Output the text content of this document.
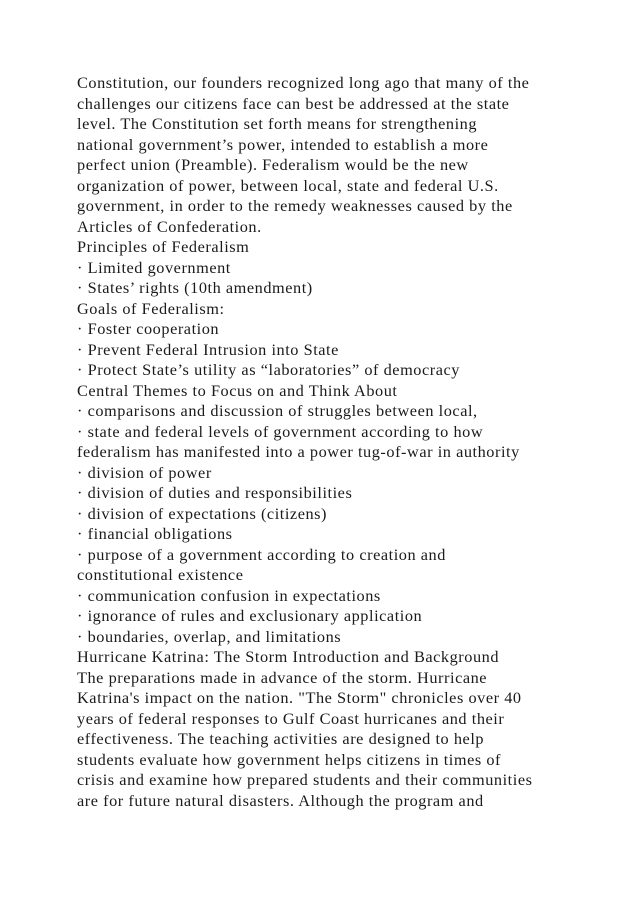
Constitution, our founders recognized long ago that many of the
challenges our citizens face can best be addressed at the state
level. The Constitution set forth means for strengthening
national government’s power, intended to establish a more
perfect union (Preamble). Federalism would be the new
organization of power, between local, state and federal U.S.
government, in order to the remedy weaknesses caused by the
Articles of Confederation.
Principles of Federalism
· Limited government
· States’ rights (10th amendment)
Goals of Federalism:
· Foster cooperation
· Prevent Federal Intrusion into State
· Protect State’s utility as “laboratories” of democracy
Central Themes to Focus on and Think About
· comparisons and discussion of struggles between local,
· state and federal levels of government according to how
federalism has manifested into a power tug-of-war in authority
· division of power
· division of duties and responsibilities
· division of expectations (citizens)
· financial obligations
· purpose of a government according to creation and
constitutional existence
· communication confusion in expectations
· ignorance of rules and exclusionary application
· boundaries, overlap, and limitations
Hurricane Katrina: The Storm Introduction and Background
The preparations made in advance of the storm. Hurricane
Katrina's impact on the nation. "The Storm" chronicles over 40
years of federal responses to Gulf Coast hurricanes and their
effectiveness. The teaching activities are designed to help
students evaluate how government helps citizens in times of
crisis and examine how prepared students and their communities
are for future natural disasters. Although the program and
